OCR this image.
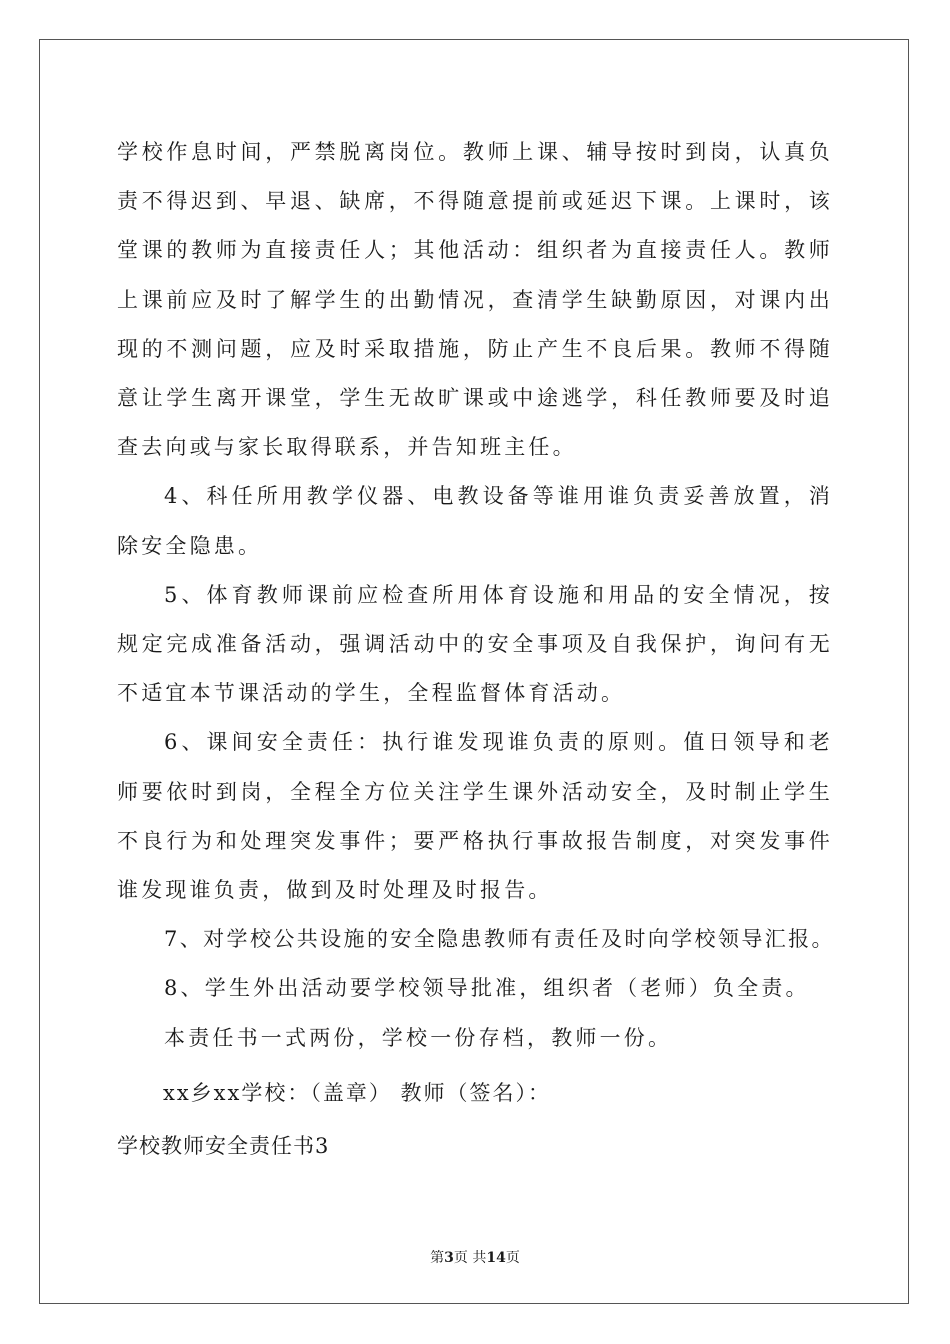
学校作息时间，严禁脱离岗位。教师上课、辅导按时到岗，认真负责不得迟到、早退、缺席，不得随意提前或延迟下课。上课时，该堂课的教师为直接责任人；其他活动：组织者为直接责任人。教师上课前应及时了解学生的出勤情况，查清学生缺勤原因，对课内出现的不测问题，应及时采取措施，防止产生不良后果。教师不得随意让学生离开课堂，学生无故旷课或中途逃学，科任教师要及时追查去向或与家长取得联系，并告知班主任。

4、科任所用教学仪器、电教设备等谁用谁负责妥善放置，消除安全隐患。

5、体育教师课前应检查所用体育设施和用品的安全情况，按规定完成准备活动，强调活动中的安全事项及自我保护，询问有无不适宜本节课活动的学生，全程监督体育活动。

6、课间安全责任：执行谁发现谁负责的原则。值日领导和老师要依时到岗，全程全方位关注学生课外活动安全，及时制止学生不良行为和处理突发事件；要严格执行事故报告制度，对突发事件谁发现谁负责，做到及时处理及时报告。

7、对学校公共设施的安全隐患教师有责任及时向学校领导汇报。

8、学生外出活动要学校领导批准，组织者（老师）负全责。

本责任书一式两份，学校一份存档，教师一份。

xx乡xx学校：（盖章） 教师（签名）：

学校教师安全责任书3

第3页 共14页
